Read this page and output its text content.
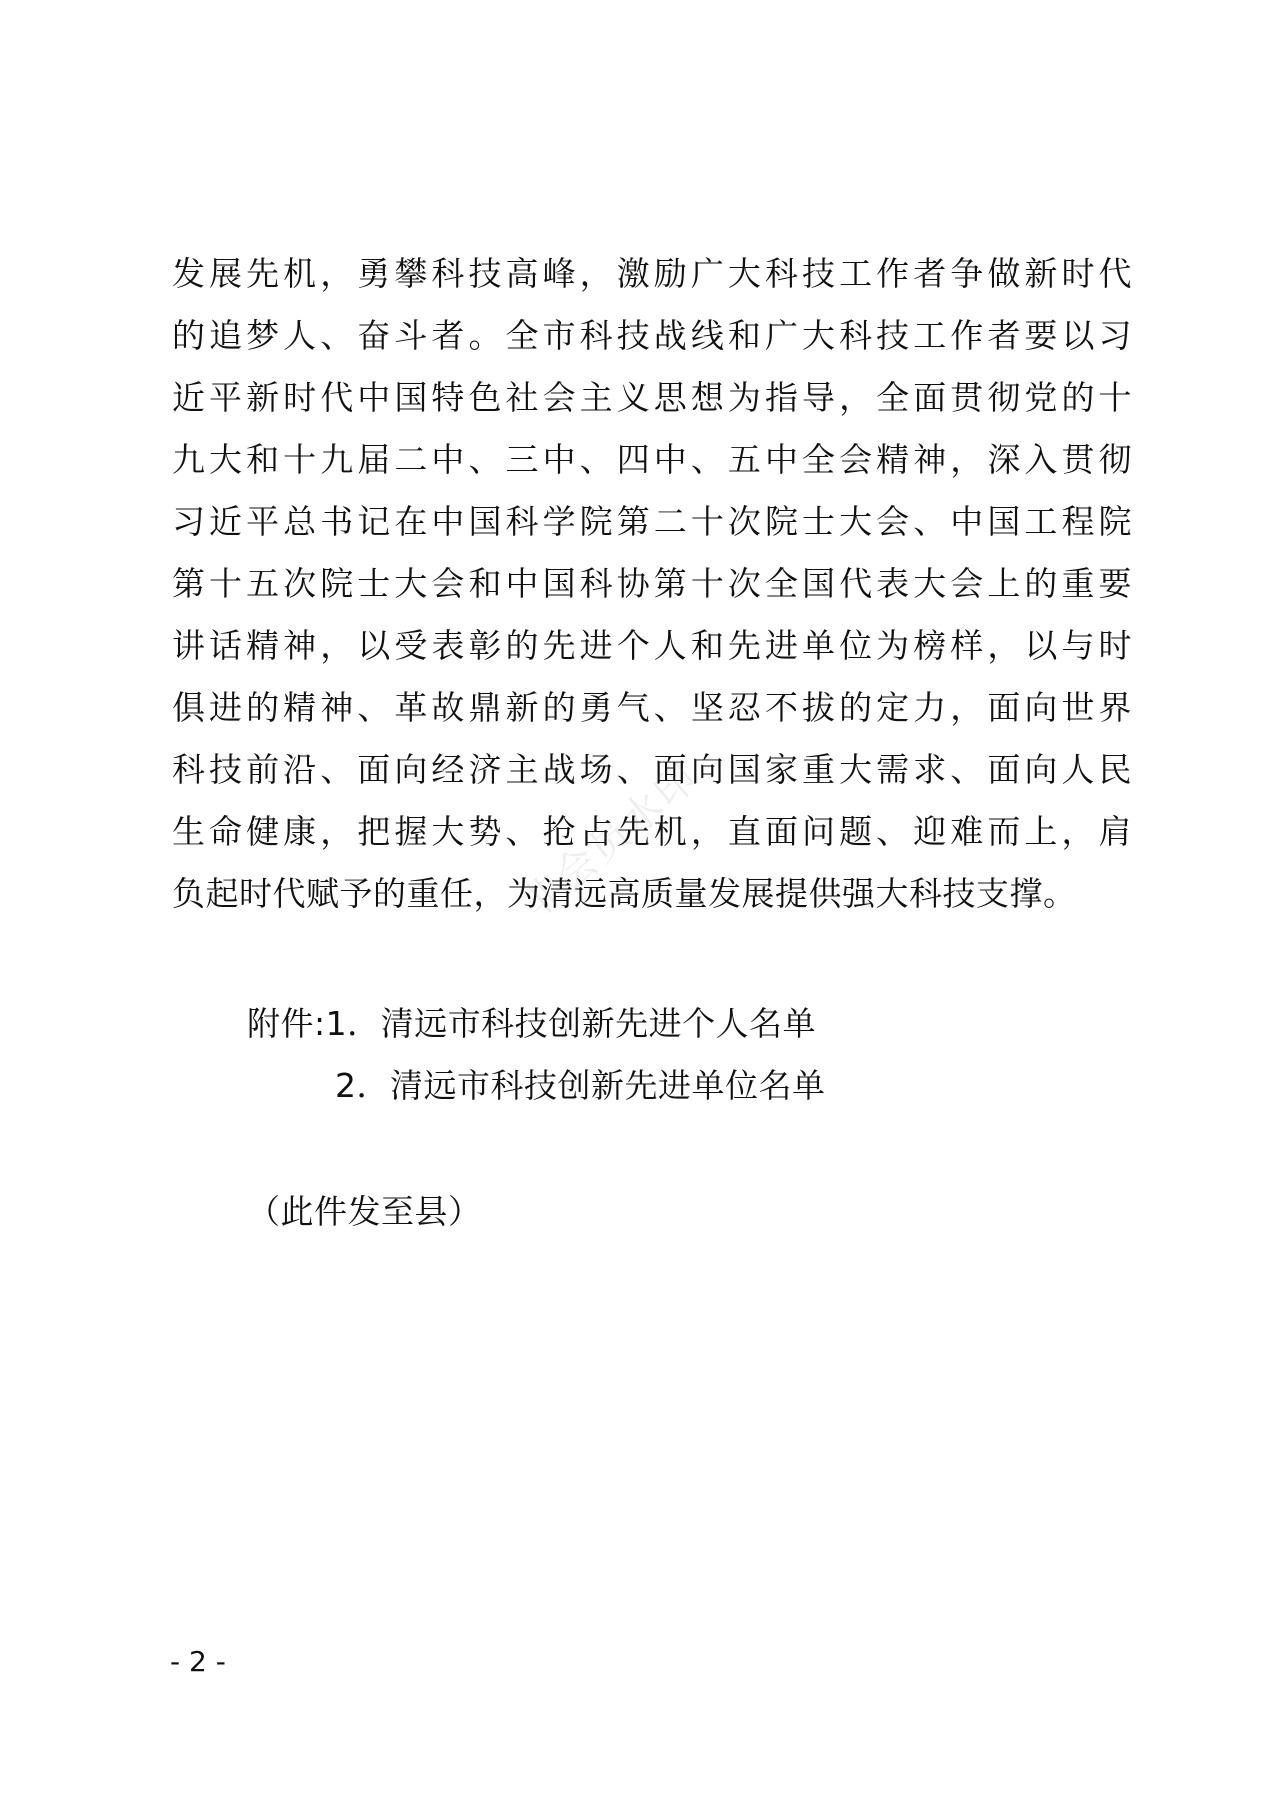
发展先机，勇攀科技高峰，激励广大科技工作者争做新时代
的追梦人、奋斗者。全市科技战线和广大科技工作者要以习
近平新时代中国特色社会主义思想为指导，全面贯彻党的十
九大和十九届二中、三中、四中、五中全会精神，深入贯彻
习近平总书记在中国科学院第二十次院士大会、中国工程院
第十五次院士大会和中国科协第十次全国代表大会上的重要
讲话精神，以受表彰的先进个人和先进单位为榜样，以与时
俱进的精神、革故鼎新的勇气、坚忍不拔的定力，面向世界
科技前沿、面向经济主战场、面向国家重大需求、面向人民
生命健康，把握大势、抢占先机，直面问题、迎难而上，肩
负起时代赋予的重任，为清远高质量发展提供强大科技支撑。
非会员水印
附件:1．清远市科技创新先进个人名单
2．清远市科技创新先进单位名单
（此件发至县）
- 2 -
